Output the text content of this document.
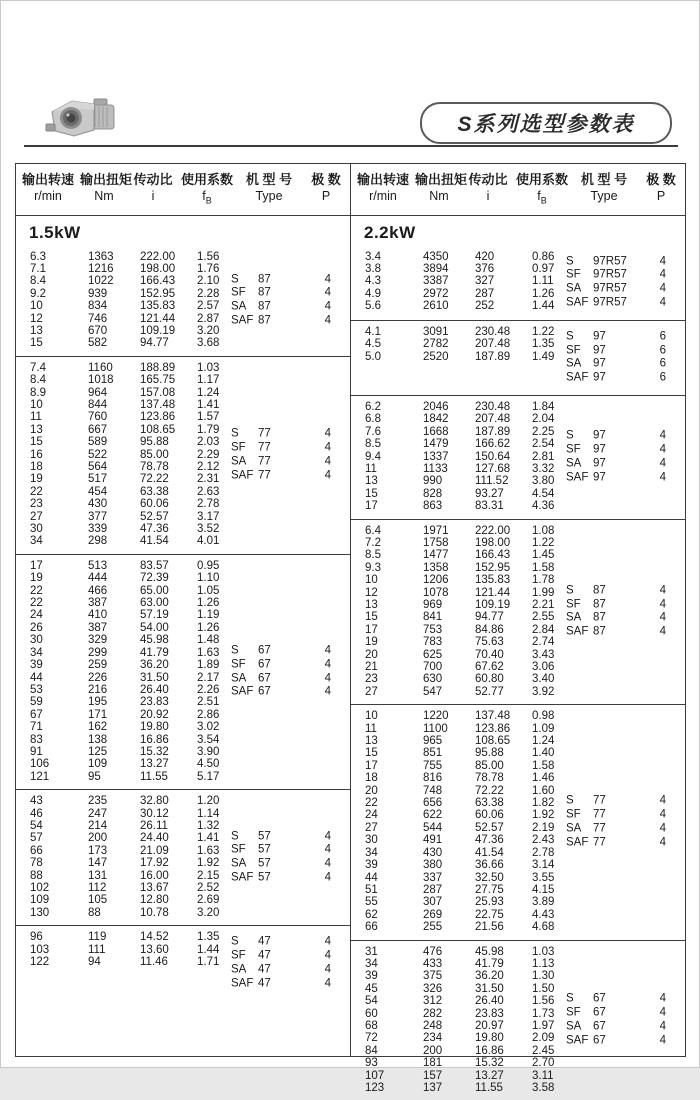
S系列选型参数表
输出转速 输出扭矩 传动比 使用系数 机 型 号	极 数
r/min	Nm	i	$f_B$	Type	P
1.5kW
6.3	1363 222.00 1.56
7.1	1216 198.00 1.76
8.4	1022 166.43 2.10
9.2	939	152.95 2.28
10	834	135.83 2.57
12	746	121.44 2.87
13	670	109.19 3.20
15	582	94.77 3.68
S	87	4
SF	87	4
SA	87	4
SAF 87	4
7.4	1160 188.89 1.03
8.4	1018 165.75 1.17
8.9	964	157.08 1.24
10	844	137.48 1.41
11	760	123.86 1.57
13	667	108.65 1.79
15	589	95.88 2.03
16	522	85.00 2.29
18	564	78.78 2.12
19	517	72.22 2.31
22	454	63.38 2.63
23	430	60.06 2.78
27	377	52.57 3.17
30	339	47.36 3.52
34	298	41.54 4.01
S	77	4
SF	77	4
SA	77	4
SAF 77	4
17	513	83.57 0.95
19	444	72.39 1.10
22	466	65.00 1.05
22	387	63.00 1.26
24	410	57.19 1.19
26	387	54.00 1.26
30	329	45.98 1.48
34	299	41.79 1.63
39	259	36.20 1.89
44	226	31.50 2.17
53	216	26.40 2.26
59	195	23.83 2.51
67	171	20.92 2.86
71	162	19.80 3.02
83	138	16.86 3.54
91	125	15.32 3.90
106	109	13.27 4.50
121	95	11.55	5.17
S	67	4
SF	67	4
SA	67	4
SAF 67	4
43	235	32.80 1.20
46	247	30.12 1.14
54	214	26.11	1.32
57	200	24.40 1.41
66	173	21.09 1.63
78	147	17.92 1.92
88	131	16.00 2.15
102	112	13.67 2.52
109	105	12.80 2.69
130	88	10.78 3.20
S	57	4
SF	57	4
SA	57	4
SAF 57	4
96	119	14.52 1.35
103	111	13.60 1.44
122	94	11.46	1.71
S	47	4
SF	47	4
SA	47	4
SAF 47	4
输出转速 输出扭矩 传动比 使用系数 机 型 号	极 数
r/min	Nm	i	$f_B$	Type	P
2.2kW
3.4	4350 420	0.86
3.8	3894 376	0.97
4.3	3387 327	1.11
4.9	2972 287	1.26
5.6	2610 252	1.44
S	97R57	4
SF	97R57	4
SA	97R57	4
SAF 97R57	4
4.1	3091 230.48 1.22
4.5	2782 207.48 1.35
5.0	2520 187.89 1.49
S	97	6
SF	97	6
SA	97	6
SAF 97	6
6.2	2046 230.48 1.84
6.8	1842 207.48 2.04
7.6	1668 187.89 2.25
8.5	1479 166.62 2.54
9.4	1337 150.64 2.81
11	1133 127.68 3.32
13	990	111.52 3.80
15	828	93.27 4.54
17	863	83.31 4.36
S	97	4
SF	97	4
SA	97	4
SAF 97	4
6.4	1971 222.00 1.08
7.2	1758 198.00 1.22
8.5	1477 166.43 1.45
9.3	1358 152.95 1.58
10	1206 135.83 1.78
12	1078 121.44 1.99
13	969	109.19 2.21
15	841	94.77 2.55
17	753	84.86 2.84
19	783	75.63 2.74
20	625	70.40 3.43
21	700	67.62 3.06
23	630	60.80 3.40
27	547	52.77 3.92
S	87	4
SF	87	4
SA	87	4
SAF 87	4
10	1220 137.48 0.98
11	1100 123.86 1.09
13	965	108.65 1.24
15	851	95.88 1.40
17	755	85.00 1.58
18	816	78.78 1.46
20	748	72.22 1.60
22	656	63.38 1.82
24	622	60.06 1.92
27	544	52.57 2.19
30	491	47.36 2.43
34	430	41.54 2.78
39	380	36.66 3.14
44	337	32.50 3.55
51	287	27.75 4.15
55	307	25.93 3.89
62	269	22.75 4.43
66	255	21.56 4.68
S	77	4
SF	77	4
SA	77	4
SAF 77	4
31	476	45.98 1.03
34	433	41.79 1.13
39	375	36.20 1.30
45	326	31.50 1.50
54	312	26.40 1.56
60	282	23.83 1.73
68	248	20.97 1.97
72	234	19.80 2.09
84	200	16.86 2.45
93	181	15.32 2.70
107	157	13.27 3.11
123	137	11.55	3.58
S	67	4
SF	67	4
SA	67	4
SAF 67	4
